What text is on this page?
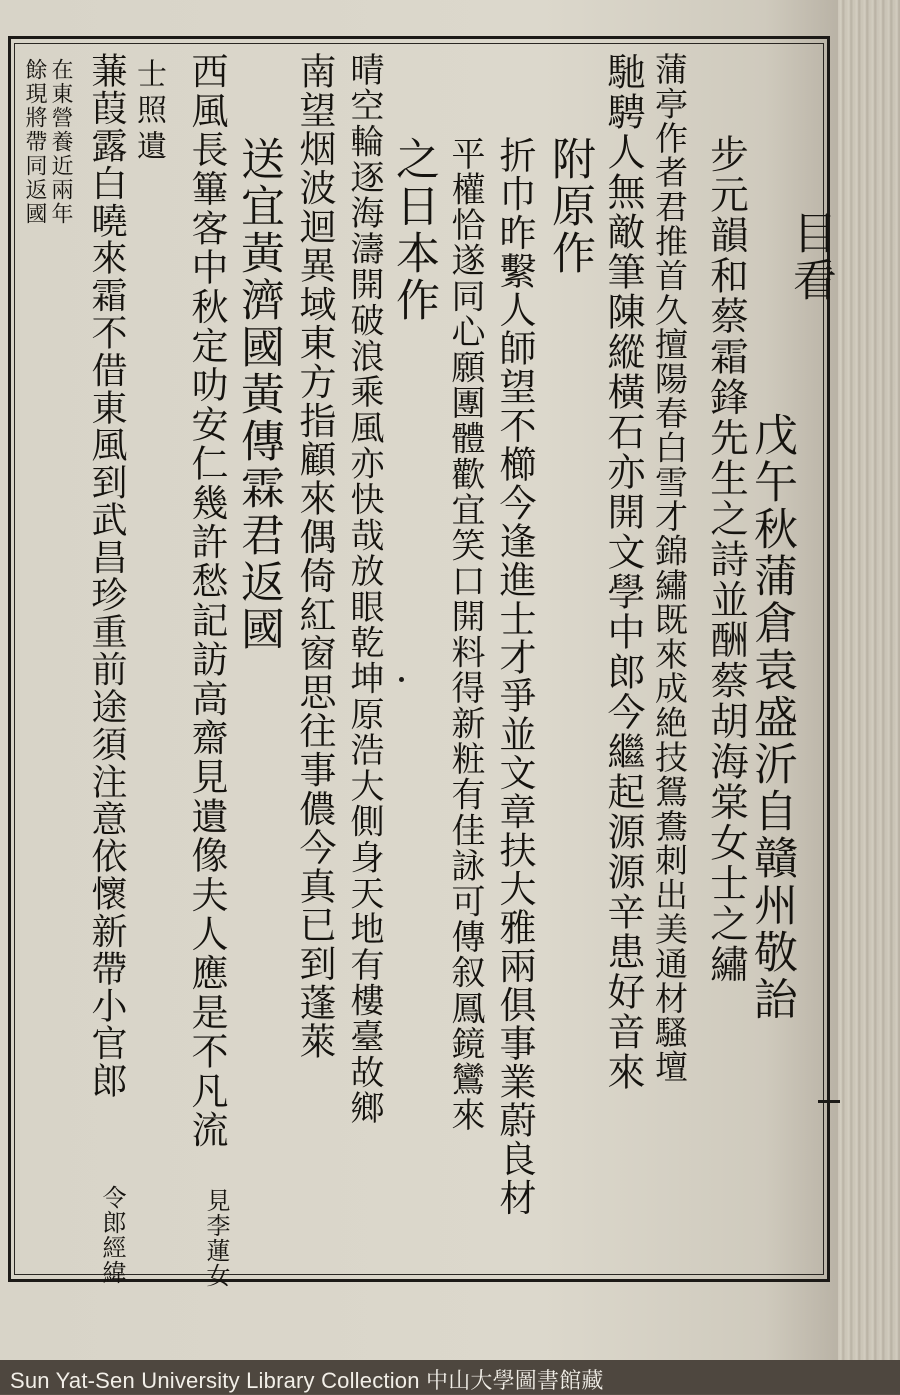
目看
戊午秋蒲倉袁盛沂自贛州敬詒
步元韻和蔡霜鋒先生之詩並酬蔡胡海棠女士之繡
蒲亭作者君推首久擅陽春白雪才錦繡既來成絶技鴛鴦刺出美通材騷壇
馳騁人無敵筆陳縱橫石亦開文學中郎今繼起源源辛患好音來
附原作
折巾昨繫人師望不櫛今逢進士才爭並文章扶大雅兩俱事業蔚良材
平權恰遂同心願團體歡宜笑口開料得新粧有佳詠可傳叙鳳鏡鸞來
之日本作
晴空輪逐海濤開破浪乘風亦快哉放眼乾坤原浩大側身天地有樓臺故鄉
南望烟波迴異域東方指顧來偶倚紅窗思往事儂今真已到蓬萊
送宜黃濟國黃傳霖君返國
西風長篳客中秋定叻安仁幾許愁記訪高齋見遺像夫人應是不凡流
見李蓮女
士照遺
蒹葭露白曉來霜不借東風到武昌珍重前途須注意依懷新帶小官郎
令郎經緯
在東營養近兩年
餘現將帶同返國
Sun Yat-Sen University Library Collection 中山大學圖書館藏
